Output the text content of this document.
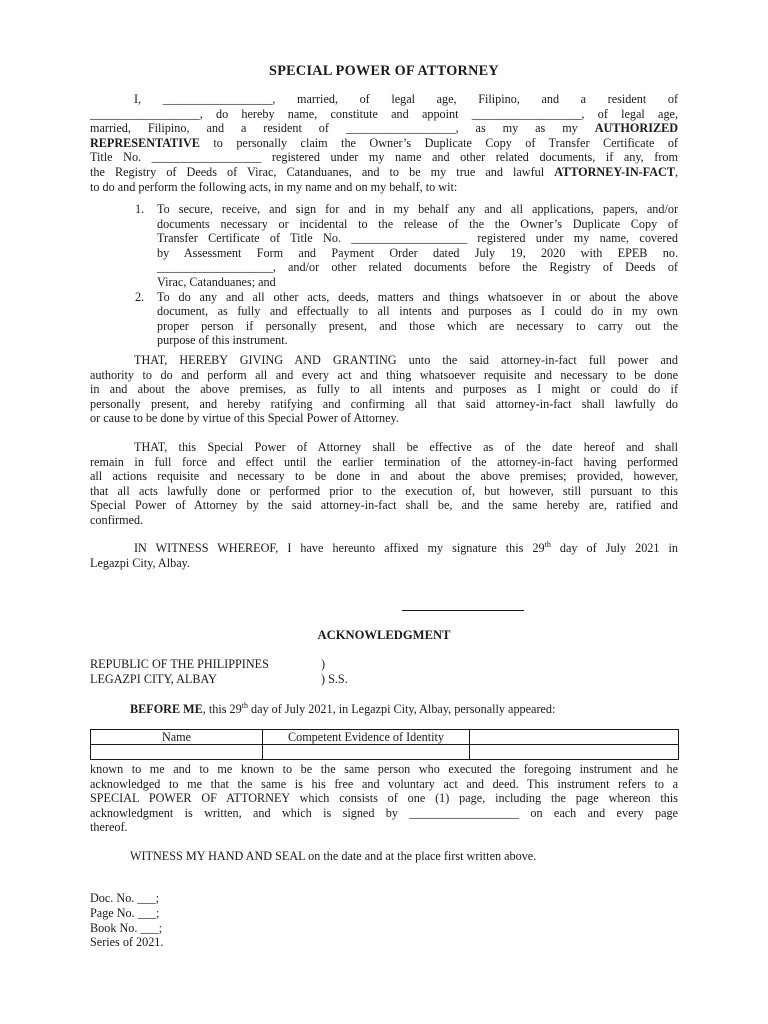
SPECIAL POWER OF ATTORNEY
I, __________________, married, of legal age, Filipino, and a resident of
__________________, do hereby name, constitute and appoint __________________, of legal age,
married, Filipino, and a resident of __________________, as my as my AUTHORIZED
REPRESENTATIVE to personally claim the Owner’s Duplicate Copy of Transfer Certificate of
Title No. __________________ registered under my name and other related documents, if any, from
the Registry of Deeds of Virac, Catanduanes, and to be my true and lawful ATTORNEY-IN-FACT,
to do and perform the following acts, in my name and on my behalf, to wit:
1. To secure, receive, and sign for and in my behalf any and all applications, papers, and/or
documents necessary or incidental to the release of the the Owner’s Duplicate Copy of
Transfer Certificate of Title No. ___________________ registered under my name, covered
by Assessment Form and Payment Order dated July 19, 2020 with EPEB no.
___________________, and/or other related documents before the Registry of Deeds of
Virac, Catanduanes; and
2. To do any and all other acts, deeds, matters and things whatsoever in or about the above
document, as fully and effectually to all intents and purposes as I could do in my own
proper person if personally present, and those which are necessary to carry out the
purpose of this instrument.
THAT, HEREBY GIVING AND GRANTING unto the said attorney-in-fact full power and
authority to do and perform all and every act and thing whatsoever requisite and necessary to be done
in and about the above premises, as fully to all intents and purposes as I might or could do if
personally present, and hereby ratifying and confirming all that said attorney-in-fact shall lawfully do
or cause to be done by virtue of this Special Power of Attorney.
THAT, this Special Power of Attorney shall be effective as of the date hereof and shall
remain in full force and effect until the earlier termination of the attorney-in-fact having performed
all actions requisite and necessary to be done in and about the above premises; provided, however,
that all acts lawfully done or performed prior to the execution of, but however, still pursuant to this
Special Power of Attorney by the said attorney-in-fact shall be, and the same hereby are, ratified and
confirmed.
IN WITNESS WHEREOF, I have hereunto affixed my signature this 29th day of July 2021 in
Legazpi City, Albay.
ACKNOWLEDGMENT
REPUBLIC OF THE PHILIPPINES	)
LEGAZPI CITY, ALBAY	) S.S.
BEFORE ME, this 29th day of July 2021, in Legazpi City, Albay, personally appeared:
Name	Competent Evidence of Identity	

known to me and to me known to be the same person who executed the foregoing instrument and he
acknowledged to me that the same is his free and voluntary act and deed. This instrument refers to a
SPECIAL POWER OF ATTORNEY which consists of one (1) page, including the page whereon this
acknowledgment is written, and which is signed by __________________ on each and every page
thereof.
WITNESS MY HAND AND SEAL on the date and at the place first written above.
Doc. No. ___;
Page No. ___;
Book No. ___;
Series of 2021.
